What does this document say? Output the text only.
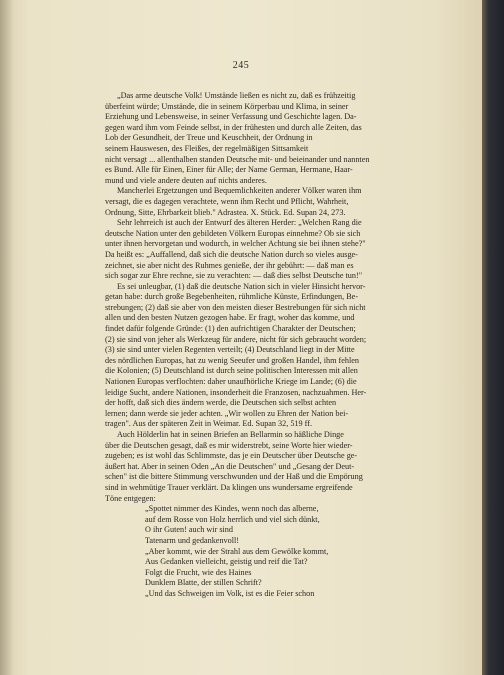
245
„Das arme deutsche Volk! Umstände ließen es nicht zu, daß es frühzeitig
überfeint würde; Umstände, die in seinem Körperbau und Klima, in seiner
Erziehung und Lebensweise, in seiner Verfassung und Geschichte lagen. Da-
gegen ward ihm vom Feinde selbst, in der frühesten und durch alle Zeiten, das
Lob der Gesundheit, der Treue und Keuschheit, der Ordnung in
seinem Hauswesen, des Fleißes, der regelmäßigen Sittsamkeit
nicht versagt ... allenthalben standen Deutsche mit- und beieinander und nannten
es Bund. Alle für Einen, Einer für Alle; der Name German, Hermane, Haar-
mund und viele andere deuten auf nichts anderes.
Mancherlei Ergetzungen und Bequemlichkeiten anderer Völker waren ihm
versagt, die es dagegen verachtete, wenn ihm Recht und Pflicht, Wahrheit,
Ordnung, Sitte, Ehrbarkeit blieb." Adrastea. X. Stück. Ed. Supan 24, 273.
Sehr lehrreich ist auch der Entwurf des älteren Herder: „Welchen Rang die
deutsche Nation unter den gebildeten Völkern Europas einnehme? Ob sie sich
unter ihnen hervorgetan und wodurch, in welcher Achtung sie bei ihnen stehe?"
Da heißt es: „Auffallend, daß sich die deutsche Nation durch so vieles ausge-
zeichnet, sie aber nicht des Ruhmes genieße, der ihr gebührt: — daß man es
sich sogar zur Ehre rechne, sie zu verachten: — daß dies selbst Deutsche tun!"
Es sei unleugbar, (1) daß die deutsche Nation sich in vieler Hinsicht hervor-
getan habe: durch große Begebenheiten, rühmliche Künste, Erfindungen, Be-
strebungen; (2) daß sie aber von den meisten dieser Bestrebungen für sich nicht
allen und den besten Nutzen gezogen habe. Er fragt, woher das komme, und
findet dafür folgende Gründe: (1) den aufrichtigen Charakter der Deutschen;
(2) sie sind von jeher als Werkzeug für andere, nicht für sich gebraucht worden;
(3) sie sind unter vielen Regenten verteilt; (4) Deutschland liegt in der Mitte
des nördlichen Europas, hat zu wenig Seeufer und großen Handel, ihm fehlen
die Kolonien; (5) Deutschland ist durch seine politischen Interessen mit allen
Nationen Europas verflochten: daher unaufhörliche Kriege im Lande; (6) die
leidige Sucht, andere Nationen, insonderheit die Franzosen, nachzuahmen. Her-
der hofft, daß sich dies ändern werde, die Deutschen sich selbst achten
lernen; dann werde sie jeder achten. „Wir wollen zu Ehren der Nation bei-
tragen". Aus der späteren Zeit in Weimar. Ed. Supan 32, 519 ff.
Auch Hölderlin hat in seinen Briefen an Bellarmin so häßliche Dinge
über die Deutschen gesagt, daß es mir widerstrebt, seine Worte hier wieder-
zugeben; es ist wohl das Schlimmste, das je ein Deutscher über Deutsche ge-
äußert hat. Aber in seinen Oden „An die Deutschen" und „Gesang der Deut-
schen" ist die bittere Stimmung verschwunden und der Haß und die Empörung
sind in wehmütige Trauer verklärt. Da klingen uns wundersame ergreifende
Töne entgegen:
„Spottet nimmer des Kindes, wenn noch das alberne,
auf dem Rosse von Holz herrlich und viel sich dünkt,
O ihr Guten! auch wir sind
Tatenarm und gedankenvoll!
„Aber kommt, wie der Strahl aus dem Gewölke kommt,
Aus Gedanken vielleicht, geistig und reif die Tat?
Folgt die Frucht, wie des Haines
Dunklem Blatte, der stillen Schrift?
„Und das Schweigen im Volk, ist es die Feier schon
